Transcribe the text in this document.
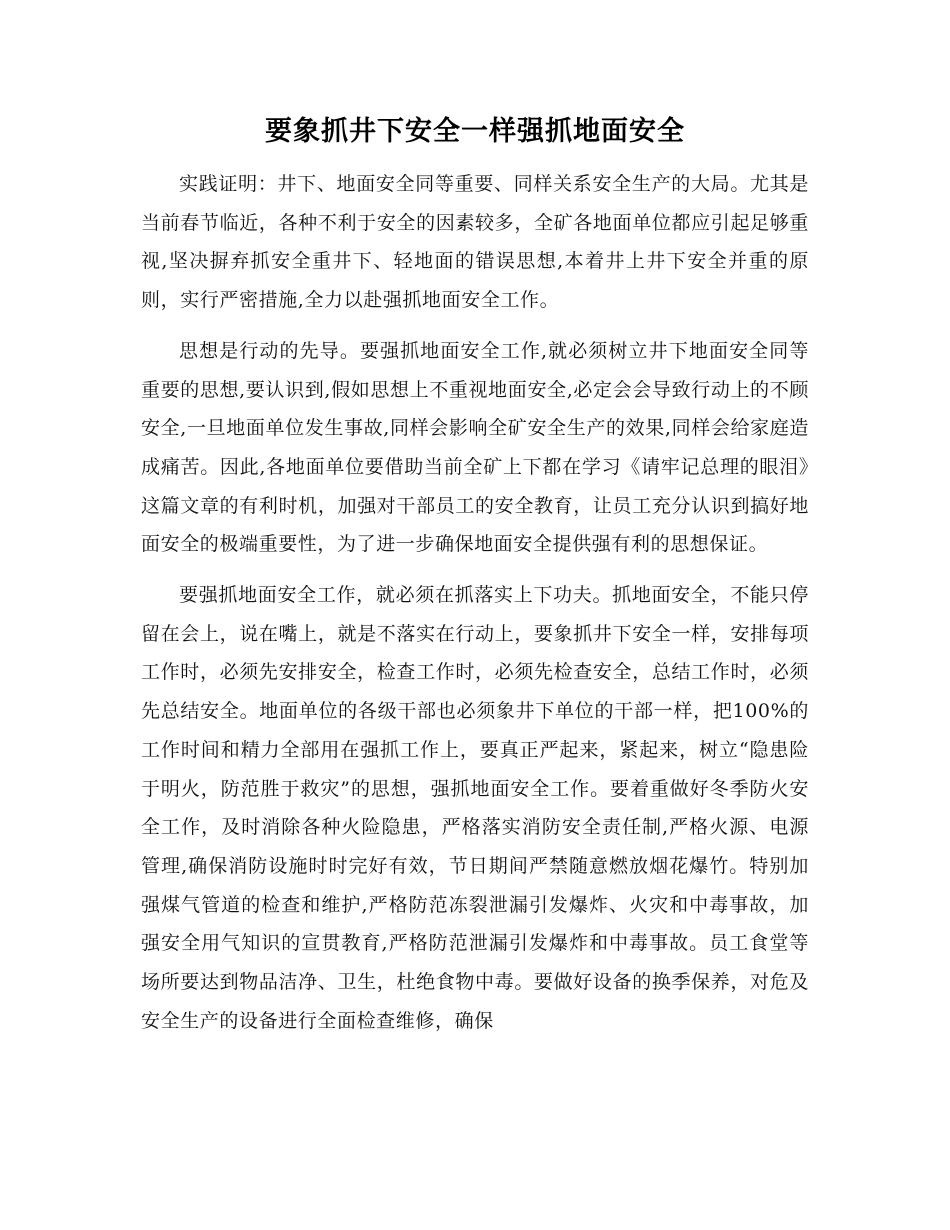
要象抓井下安全一样强抓地面安全

实践证明：井下、地面安全同等重要、同样关系安全生产的大局。尤其是当前春节临近，各种不利于安全的因素较多，全矿各地面单位都应引起足够重视,坚决摒弃抓安全重井下、轻地面的错误思想,本着井上井下安全并重的原则，实行严密措施,全力以赴强抓地面安全工作。

思想是行动的先导。要强抓地面安全工作,就必须树立井下地面安全同等重要的思想,要认识到,假如思想上不重视地面安全,必定会会导致行动上的不顾安全,一旦地面单位发生事故,同样会影响全矿安全生产的效果,同样会给家庭造成痛苦。因此,各地面单位要借助当前全矿上下都在学习《请牢记总理的眼泪》这篇文章的有利时机，加强对干部员工的安全教育，让员工充分认识到搞好地面安全的极端重要性，为了进一步确保地面安全提供强有利的思想保证。

要强抓地面安全工作，就必须在抓落实上下功夫。抓地面安全，不能只停留在会上，说在嘴上，就是不落实在行动上，要象抓井下安全一样，安排每项工作时，必须先安排安全，检查工作时，必须先检查安全，总结工作时，必须先总结安全。地面单位的各级干部也必须象井下单位的干部一样，把100%的工作时间和精力全部用在强抓工作上，要真正严起来，紧起来，树立“隐患险于明火，防范胜于救灾”的思想，强抓地面安全工作。要着重做好冬季防火安全工作，及时消除各种火险隐患，严格落实消防安全责任制,严格火源、电源管理,确保消防设施时时完好有效，节日期间严禁随意燃放烟花爆竹。特别加强煤气管道的检查和维护,严格防范冻裂泄漏引发爆炸、火灾和中毒事故，加强安全用气知识的宣贯教育,严格防范泄漏引发爆炸和中毒事故。员工食堂等场所要达到物品洁净、卫生，杜绝食物中毒。要做好设备的换季保养，对危及安全生产的设备进行全面检查维修，确保
